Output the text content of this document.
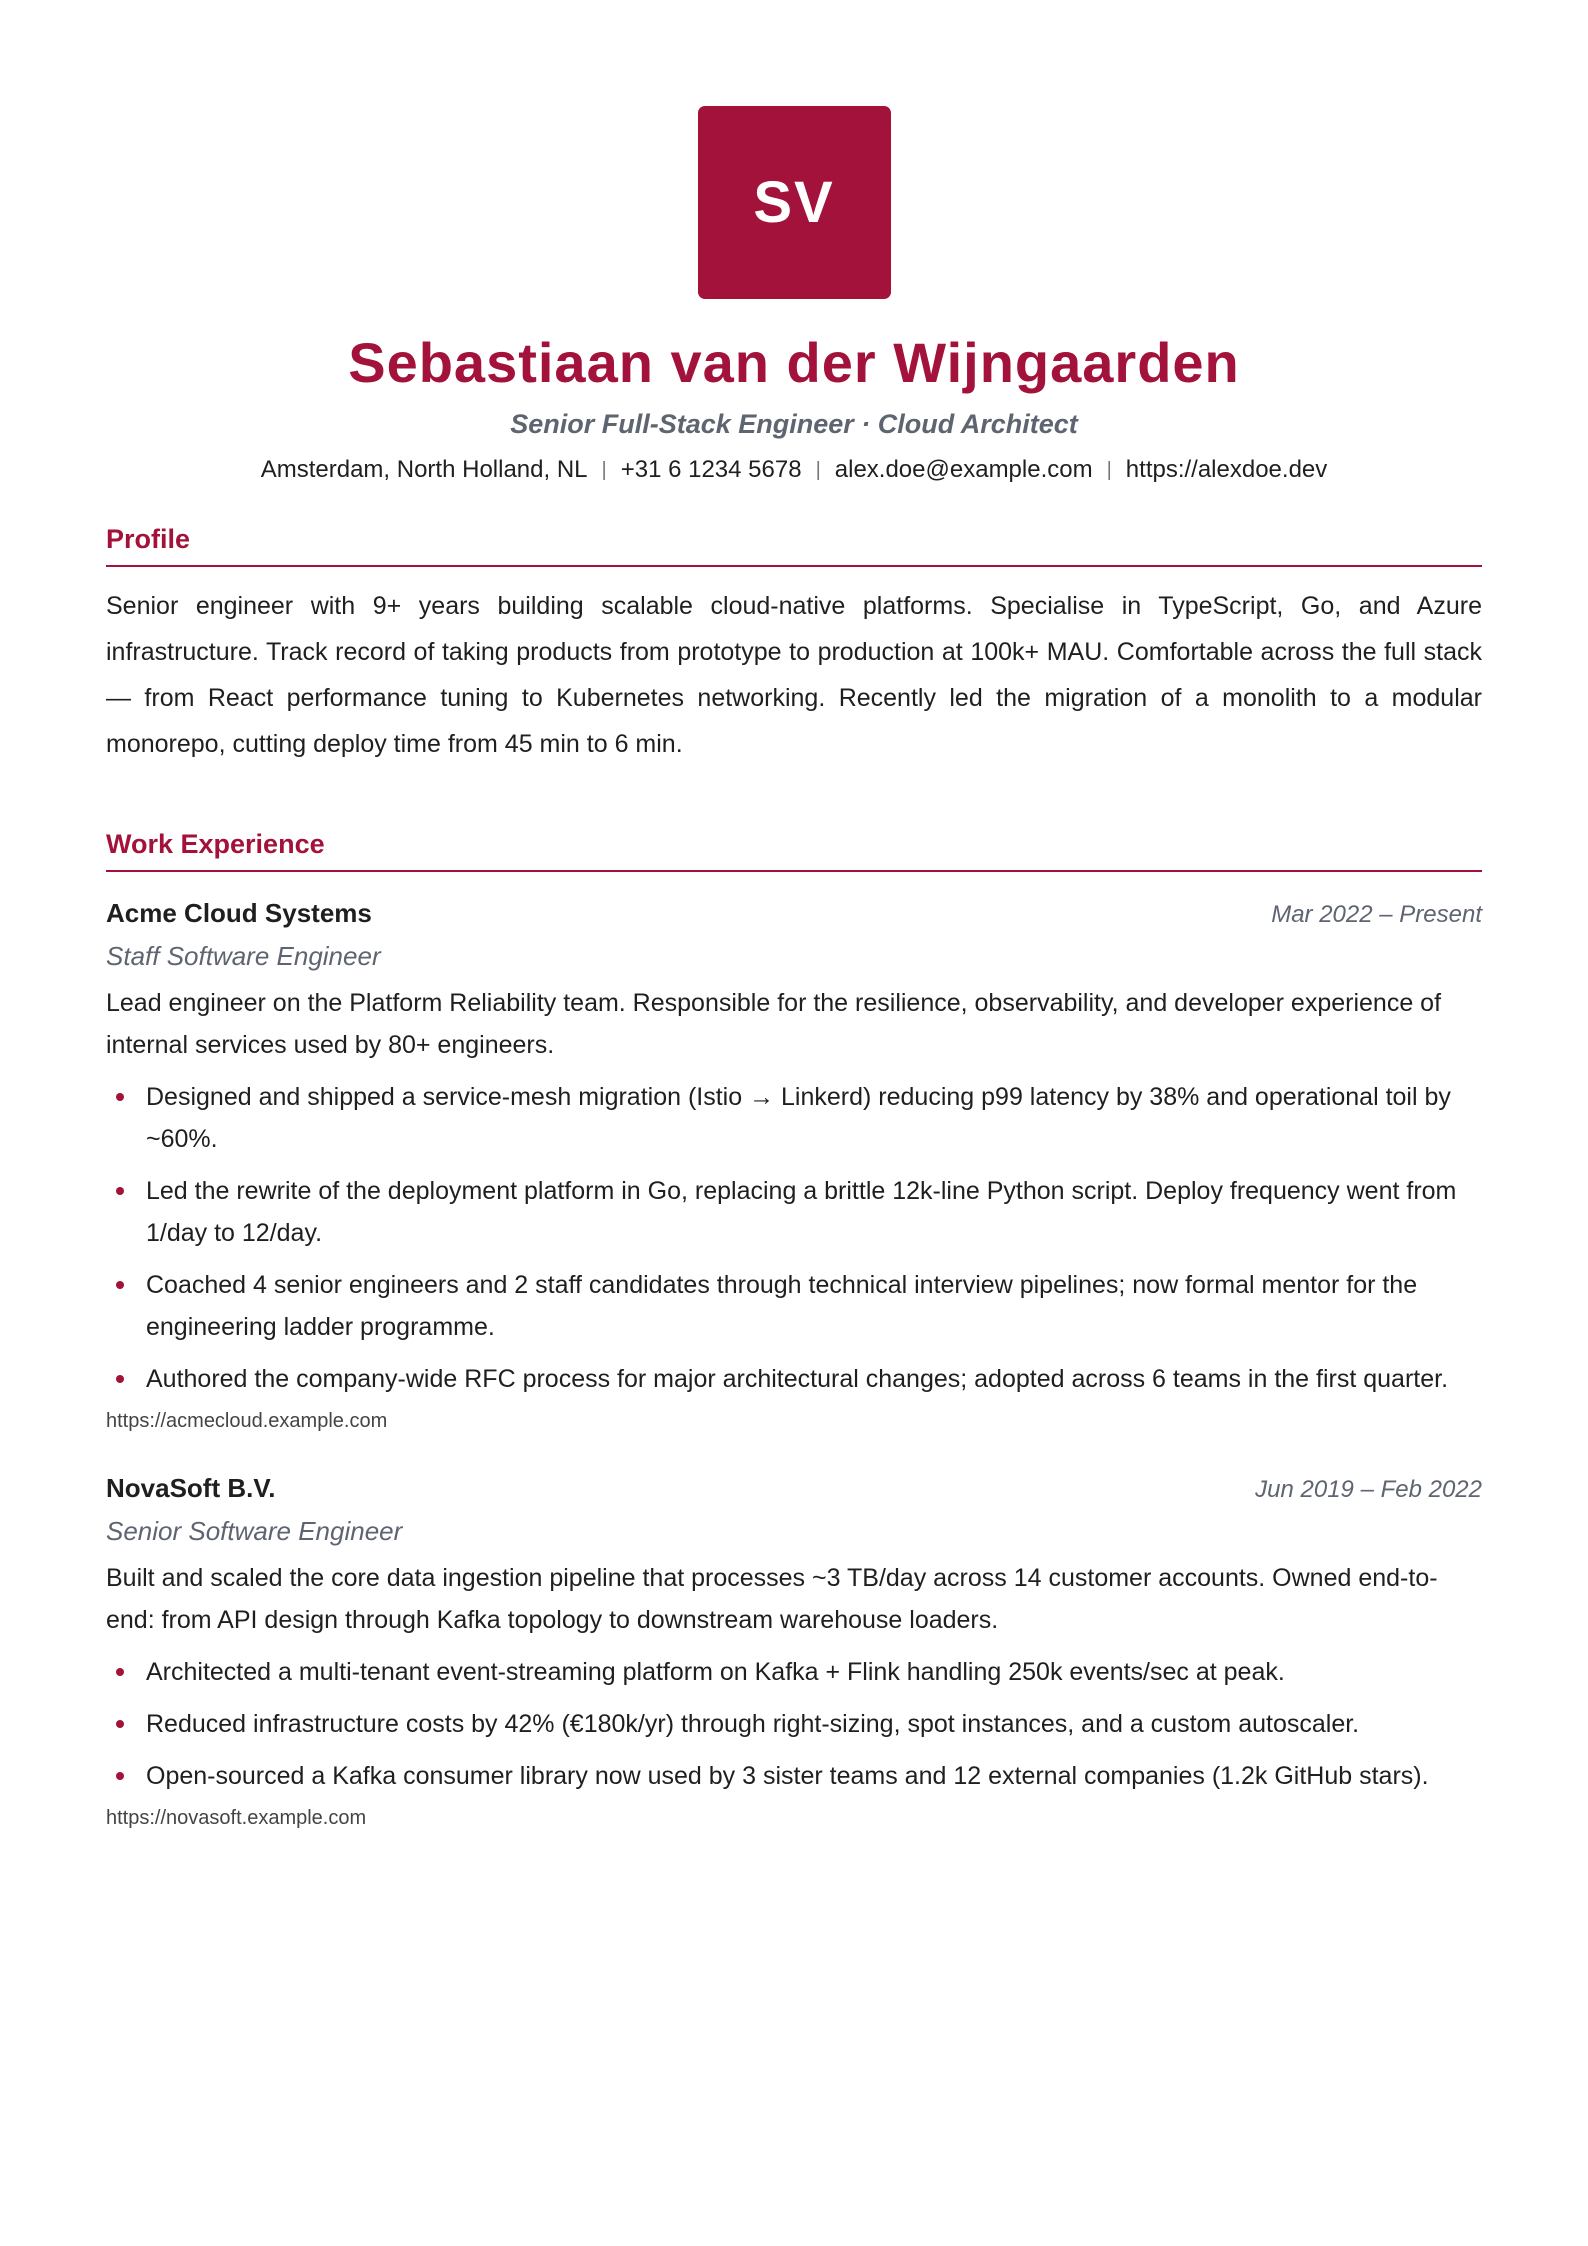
SV
Sebastiaan van der Wijngaarden
Senior Full-Stack Engineer · Cloud Architect
Amsterdam, North Holland, NL | +31 6 1234 5678 | alex.doe@example.com | https://alexdoe.dev
Profile
Senior engineer with 9+ years building scalable cloud-native platforms. Specialise in TypeScript, Go, and Azure infrastructure. Track record of taking products from prototype to production at 100k+ MAU. Comfortable across the full stack — from React performance tuning to Kubernetes networking. Recently led the migration of a monolith to a modular monorepo, cutting deploy time from 45 min to 6 min.
Work Experience
Acme Cloud Systems	Mar 2022 – Present
Staff Software Engineer
Lead engineer on the Platform Reliability team. Responsible for the resilience, observability, and developer experience of internal services used by 80+ engineers.
Designed and shipped a service-mesh migration (Istio → Linkerd) reducing p99 latency by 38% and operational toil by ~60%.
Led the rewrite of the deployment platform in Go, replacing a brittle 12k-line Python script. Deploy frequency went from 1/day to 12/day.
Coached 4 senior engineers and 2 staff candidates through technical interview pipelines; now formal mentor for the engineering ladder programme.
Authored the company-wide RFC process for major architectural changes; adopted across 6 teams in the first quarter.
https://acmecloud.example.com
NovaSoft B.V.	Jun 2019 – Feb 2022
Senior Software Engineer
Built and scaled the core data ingestion pipeline that processes ~3 TB/day across 14 customer accounts. Owned end-to-end: from API design through Kafka topology to downstream warehouse loaders.
Architected a multi-tenant event-streaming platform on Kafka + Flink handling 250k events/sec at peak.
Reduced infrastructure costs by 42% (€180k/yr) through right-sizing, spot instances, and a custom autoscaler.
Open-sourced a Kafka consumer library now used by 3 sister teams and 12 external companies (1.2k GitHub stars).
https://novasoft.example.com
